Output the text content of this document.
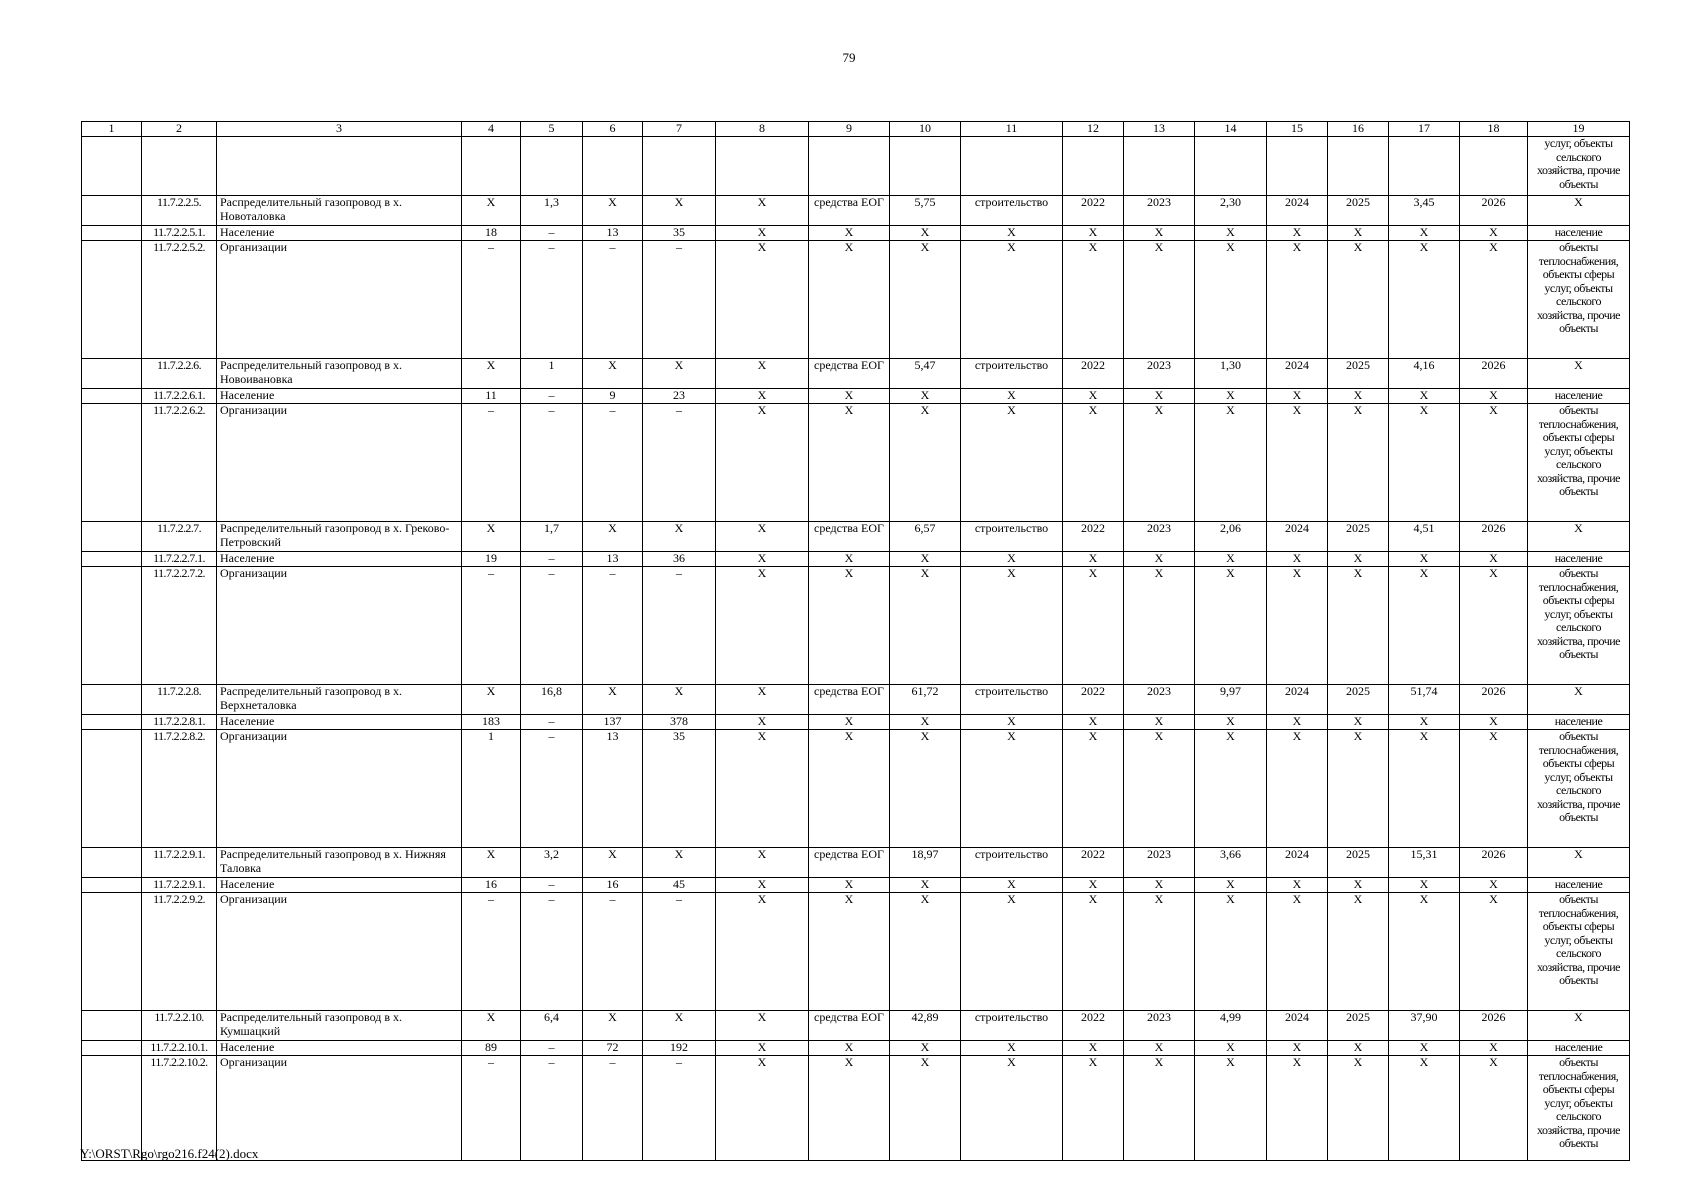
79
1	2	3	4	5	6	7	8	9	10	11	12	13	14	15	16	17	18	19
																		услуг, объекты сельского хозяйства, прочие объекты
	11.7.2.2.5.	Распределительный газопровод в х. Новоталовка	Х	1,3	Х	Х	Х	средства ЕОГ	5,75	строительство	2022	2023	2,30	2024	2025	3,45	2026	Х
	11.7.2.2.5.1.	Население	18	–	13	35	Х	Х	Х	Х	Х	Х	Х	Х	Х	Х	Х	население
	11.7.2.2.5.2.	Организации	–	–	–	–	Х	Х	Х	Х	Х	Х	Х	Х	Х	Х	Х	объекты теплоснабжения, объекты сферы услуг, объекты сельского хозяйства, прочие объекты
	11.7.2.2.6.	Распределительный газопровод в х. Новоивановка	Х	1	Х	Х	Х	средства ЕОГ	5,47	строительство	2022	2023	1,30	2024	2025	4,16	2026	Х
	11.7.2.2.6.1.	Население	11	–	9	23	Х	Х	Х	Х	Х	Х	Х	Х	Х	Х	Х	население
	11.7.2.2.6.2.	Организации	–	–	–	–	Х	Х	Х	Х	Х	Х	Х	Х	Х	Х	Х	объекты теплоснабжения, объекты сферы услуг, объекты сельского хозяйства, прочие объекты
	11.7.2.2.7.	Распределительный газопровод в х. Греково-Петровский	Х	1,7	Х	Х	Х	средства ЕОГ	6,57	строительство	2022	2023	2,06	2024	2025	4,51	2026	Х
	11.7.2.2.7.1.	Население	19	–	13	36	Х	Х	Х	Х	Х	Х	Х	Х	Х	Х	Х	население
	11.7.2.2.7.2.	Организации	–	–	–	–	Х	Х	Х	Х	Х	Х	Х	Х	Х	Х	Х	объекты теплоснабжения, объекты сферы услуг, объекты сельского хозяйства, прочие объекты
	11.7.2.2.8.	Распределительный газопровод в х. Верхнеталовка	Х	16,8	Х	Х	Х	средства ЕОГ	61,72	строительство	2022	2023	9,97	2024	2025	51,74	2026	Х
	11.7.2.2.8.1.	Население	183	–	137	378	Х	Х	Х	Х	Х	Х	Х	Х	Х	Х	Х	население
	11.7.2.2.8.2.	Организации	1	–	13	35	Х	Х	Х	Х	Х	Х	Х	Х	Х	Х	Х	объекты теплоснабжения, объекты сферы услуг, объекты сельского хозяйства, прочие объекты
	11.7.2.2.9.1.	Распределительный газопровод в х. Нижняя Таловка	Х	3,2	Х	Х	Х	средства ЕОГ	18,97	строительство	2022	2023	3,66	2024	2025	15,31	2026	Х
	11.7.2.2.9.1.	Население	16	–	16	45	Х	Х	Х	Х	Х	Х	Х	Х	Х	Х	Х	население
	11.7.2.2.9.2.	Организации	–	–	–	–	Х	Х	Х	Х	Х	Х	Х	Х	Х	Х	Х	объекты теплоснабжения, объекты сферы услуг, объекты сельского хозяйства, прочие объекты
	11.7.2.2.10.	Распределительный газопровод в х. Кумшацкий	Х	6,4	Х	Х	Х	средства ЕОГ	42,89	строительство	2022	2023	4,99	2024	2025	37,90	2026	Х
	11.7.2.2.10.1.	Население	89	–	72	192	Х	Х	Х	Х	Х	Х	Х	Х	Х	Х	Х	население
	11.7.2.2.10.2.	Организации	–	–	–	–	Х	Х	Х	Х	Х	Х	Х	Х	Х	Х	Х	объекты теплоснабжения, объекты сферы услуг, объекты сельского хозяйства, прочие объекты
Y:\ORST\Rgo\rgo216.f24(2).docx
